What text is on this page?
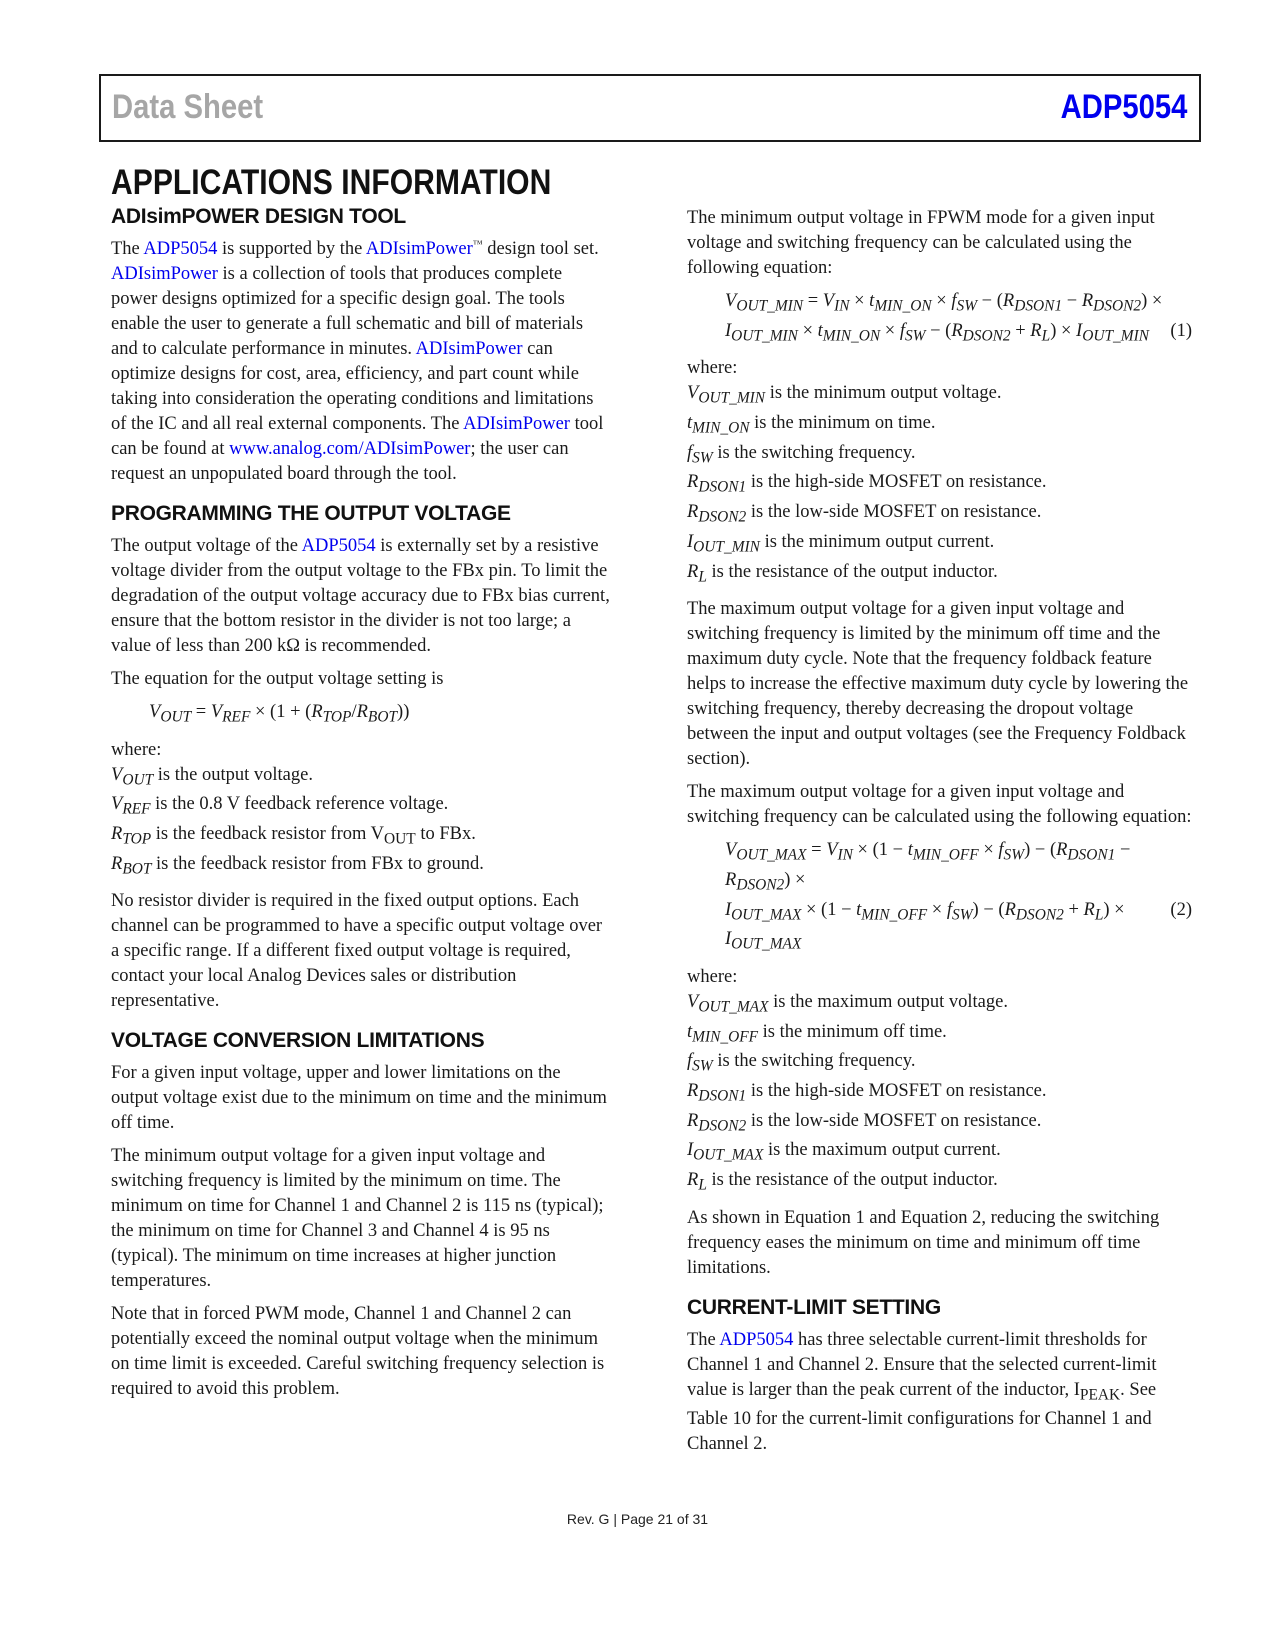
Data Sheet	ADP5054
APPLICATIONS INFORMATION
ADIsimPOWER DESIGN TOOL

The ADP5054 is supported by the ADIsimPower™ design tool set. ADIsimPower is a collection of tools that produces complete power designs optimized for a specific design goal. The tools enable the user to generate a full schematic and bill of materials and to calculate performance in minutes. ADIsimPower can optimize designs for cost, area, efficiency, and part count while taking into consideration the operating conditions and limitations of the IC and all real external components. The ADIsimPower tool can be found at www.analog.com/ADIsimPower; the user can request an unpopulated board through the tool.

PROGRAMMING THE OUTPUT VOLTAGE

The output voltage of the ADP5054 is externally set by a resistive voltage divider from the output voltage to the FBx pin. To limit the degradation of the output voltage accuracy due to FBx bias current, ensure that the bottom resistor in the divider is not too large; a value of less than 200 kΩ is recommended.

The equation for the output voltage setting is

$V_{OUT} = V_{REF} \times (1 + (R_{TOP}/R_{BOT}))$

where:
$V_{OUT}$ is the output voltage.
$V_{REF}$ is the 0.8 V feedback reference voltage.
$R_{TOP}$ is the feedback resistor from $V_{OUT}$ to FBx.
$R_{BOT}$ is the feedback resistor from FBx to ground.

No resistor divider is required in the fixed output options. Each channel can be programmed to have a specific output voltage over a specific range. If a different fixed output voltage is required, contact your local Analog Devices sales or distribution representative.

VOLTAGE CONVERSION LIMITATIONS

For a given input voltage, upper and lower limitations on the output voltage exist due to the minimum on time and the minimum off time.

The minimum output voltage for a given input voltage and switching frequency is limited by the minimum on time. The minimum on time for Channel 1 and Channel 2 is 115 ns (typical); the minimum on time for Channel 3 and Channel 4 is 95 ns (typical). The minimum on time increases at higher junction temperatures.

Note that in forced PWM mode, Channel 1 and Channel 2 can potentially exceed the nominal output voltage when the minimum on time limit is exceeded. Careful switching frequency selection is required to avoid this problem.

The minimum output voltage in FPWM mode for a given input voltage and switching frequency can be calculated using the following equation:

$V_{OUT\_MIN} = V_{IN} \times t_{MIN\_ON} \times f_{SW} - (R_{DSON1} - R_{DSON2})$ ×
$I_{OUT\_MIN} \times t_{MIN\_ON} \times f_{SW} - (R_{DSON2} + R_L) \times I_{OUT\_MIN}$ (1)
where:
$V_{OUT\_MIN}$ is the minimum output voltage.
$t_{MIN\_ON}$ is the minimum on time.
$f_{SW}$ is the switching frequency.
$R_{DSON1}$ is the high-side MOSFET on resistance.
$R_{DSON2}$ is the low-side MOSFET on resistance.
$I_{OUT\_MIN}$ is the minimum output current.
$R_L$ is the resistance of the output inductor.

The maximum output voltage for a given input voltage and switching frequency is limited by the minimum off time and the maximum duty cycle. Note that the frequency foldback feature helps to increase the effective maximum duty cycle by lowering the switching frequency, thereby decreasing the dropout voltage between the input and output voltages (see the Frequency Foldback section).

The maximum output voltage for a given input voltage and switching frequency can be calculated using the following equation:

$V_{OUT\_MAX} = V_{IN} \times (1 - t_{MIN\_OFF} \times f_{SW}) - (R_{DSON1} - R_{DSON2})$ ×
$I_{OUT\_MAX} \times (1 - t_{MIN\_OFF} \times f_{SW}) - (R_{DSON2} + R_L) \times I_{OUT\_MAX}$
(2)
where:
$V_{OUT\_MAX}$ is the maximum output voltage.
$t_{MIN\_OFF}$ is the minimum off time.
$f_{SW}$ is the switching frequency.
$R_{DSON1}$ is the high-side MOSFET on resistance.
$R_{DSON2}$ is the low-side MOSFET on resistance.
$I_{OUT\_MAX}$ is the maximum output current.
$R_L$ is the resistance of the output inductor.

As shown in Equation 1 and Equation 2, reducing the switching frequency eases the minimum on time and minimum off time limitations.

CURRENT-LIMIT SETTING

The ADP5054 has three selectable current-limit thresholds for Channel 1 and Channel 2. Ensure that the selected current-limit value is larger than the peak current of the inductor, $I_{PEAK}$. See Table 10 for the current-limit configurations for Channel 1 and Channel 2.

Rev. G | Page 21 of 31
